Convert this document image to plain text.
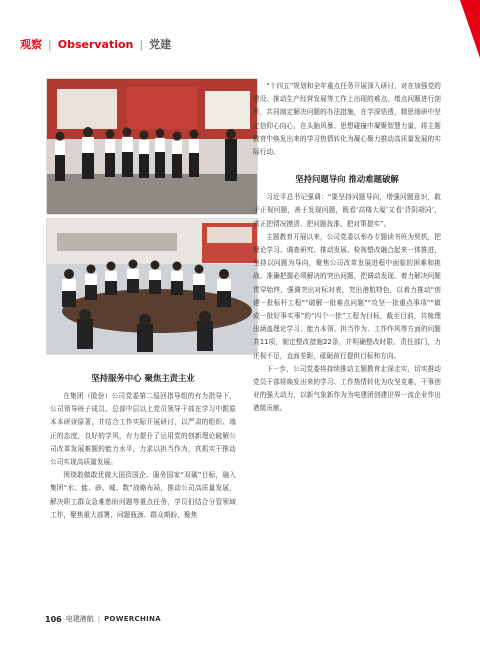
观察 | Observation | 党建
坚持服务中心 聚焦主责主业

在集团（股份）公司党委第二巡回指导组的有力指导下，公司领导班子成员、总部中层以上党员领导干部在学习中跟原本本研读原著，并结合工作实际开展研讨，以严肃的组织、端正的态度，良好的学风，有力提升了运用党的创新理论破解公司改革发展难题的能力水平，力求以担当作为，真抓实干推动公司实现高质量发展。

围绕敢做敢优做大国资国企、服务国家“双碳”目标，融入集团“水、能、砂、城、数”战略布局，推动公司高质量发展，解决职工群众急难愁盼问题等重点任务，学员们结合分管领域工作，聚焦重大部署、问题瓶颈、群众期盼、聚焦

“十四五”规划和全年重点任务开展深入研讨，对在加强党的建设、推动生产经营发展等工作上出现的难点、堵点问题进行剖析，共同制定解决问题的办法措施，在学深悟透，精思细研中坚定信仰心向心，在头脑风暴、思想碰撞中凝聚智慧力量，将主题教育中焕发出来的学习热情转化为凝心聚力推动高质量发展的实际行动。

坚持问题导向 推动难题破解

习近平总书记强调：“要坚持问题导向，增强问题意识，敢于正视问题，善于发现问题，既看‘高楼大厦’又看‘背阴胡同’，真正把情况摸清、把问题找准、把对策提实”。

主题教育开展以来，公司党委以举办专题读书班为契机，把理论学习、调查研究、推动发展、检视整改融合起来一体推进，坚持以问题为导向，聚焦公司改革发展进程中面临的困难和挑战、准确把握必须解决的突出问题，把调动发现、着力解决问题贯穿始终，强调突出对标对表，突出港航特色，以着力推动“创建一批标杆工程”“破解一批难点问题”“攻坚一批重点事项”“做成一批好事实事”的“四个一批”工程为目标，截至目前，共梳理出涵盖理论学习、能力本领、担当作为、工作作风等方面的问题共11项，制定整改措施22条，并明确整改时限、责任部门，力正视不足，直面差距，砥砺前行提供目标和方向。

下一步，公司党委将持续推动主题教育走深走实，切实推动党员干部将焕发出来的学习、工作热情转化为攻坚克难，干事创业的强大动力，以新气象新作为为电建团创建世界一流企业作出港航贡献。

106 电建港航 | POWERCHINA
